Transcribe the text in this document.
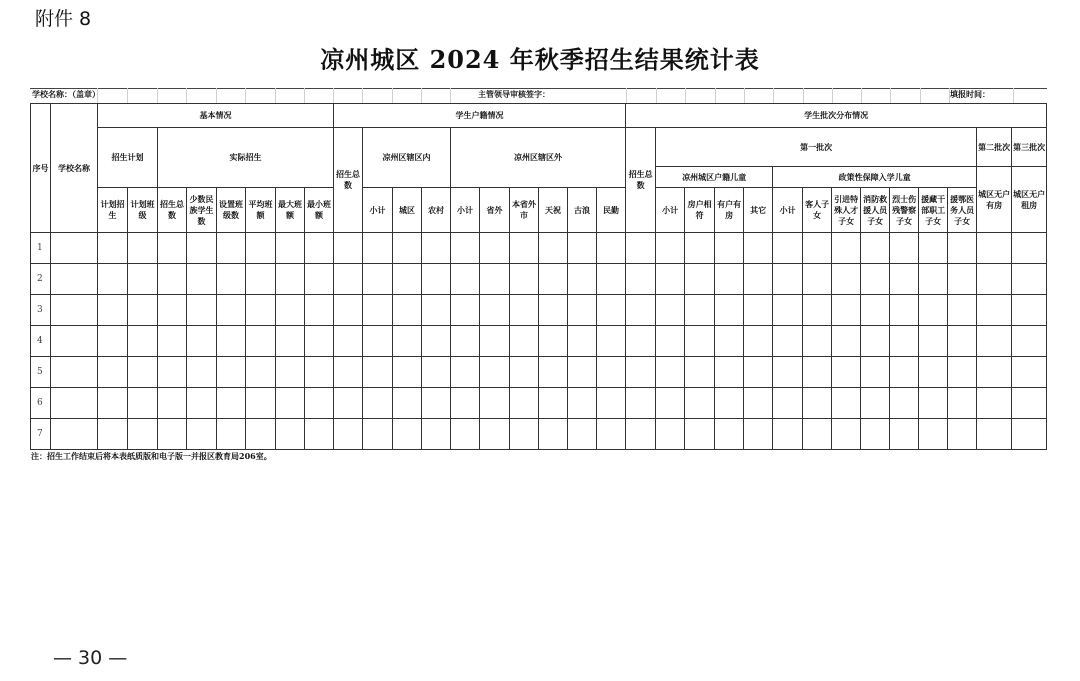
附件 8
凉州城区 2024 年秋季招生结果统计表
学校名称：（盖章）	主管领导审核签字：	填报时间：
序号	学校名称	基本情况								学生户籍情况										学生批次分布情况													
		招生计划		实际招生						招生总数	凉州区辖区内			凉州区辖区外						招生总数	第一批次											第二批次	第三批次
																					凉州城区户籍儿童				政策性保障入学儿童							城区无户有房	城区无户租房
		计划招生	计划班级	招生总数	少数民族学生数	设置班级数	平均班额	最大班额	最小班额		小计	城区	农村	小计	省外	本省外市	天祝	古浪	民勤		小计	房户相符	有户有房	其它	小计	客人子女	引进特殊人才子女	消防救援人员子女	烈士伤残警察子女	援藏干部职工子女	援鄂医务人员子女		
1																																	
2																																	
3																																	
4																																	
5																																	
6																																	
7																																	
注：招生工作结束后将本表纸质版和电子版一并报区教育局206室。
— 30 —
